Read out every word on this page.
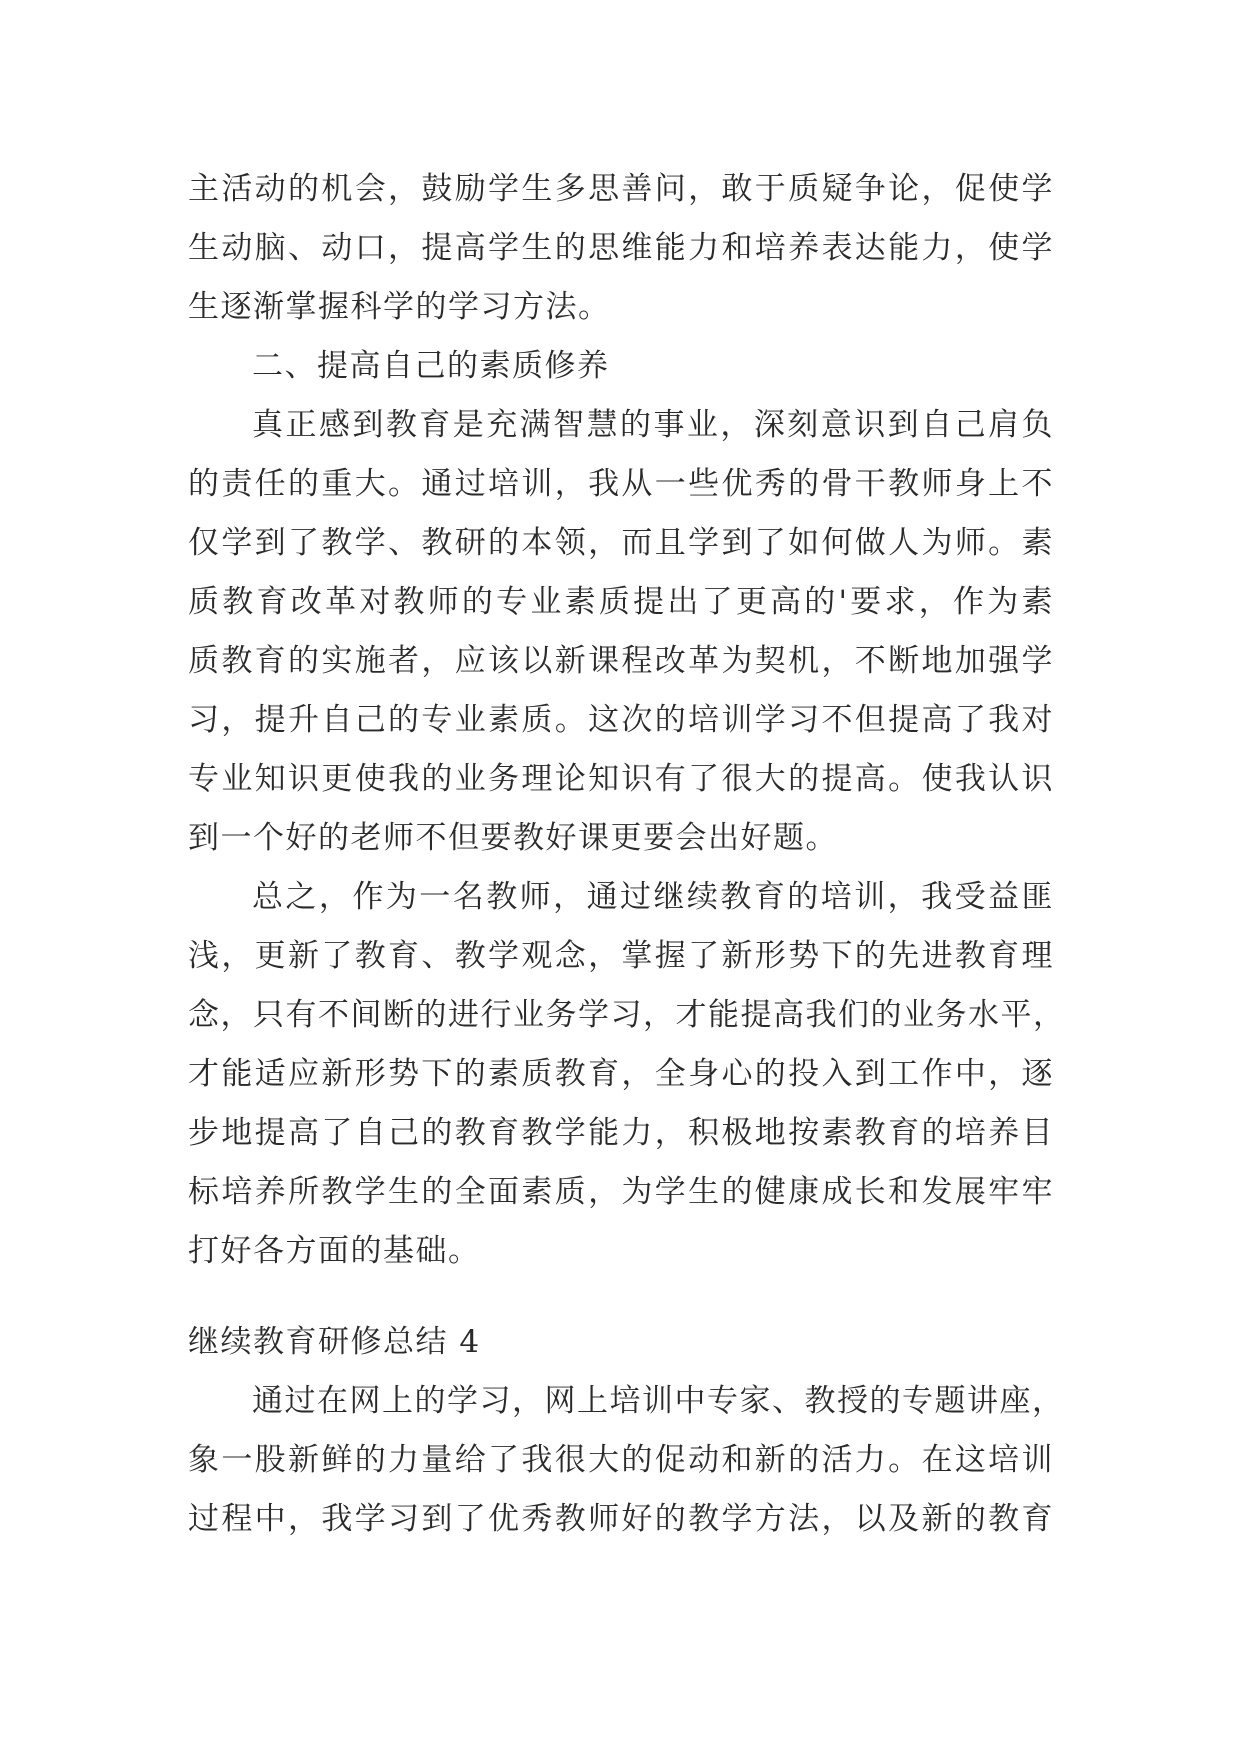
主活动的机会，鼓励学生多思善问，敢于质疑争论，促使学
生动脑、动口，提高学生的思维能力和培养表达能力，使学
生逐渐掌握科学的学习方法。
二、提高自己的素质修养
真正感到教育是充满智慧的事业，深刻意识到自己肩负
的责任的重大。通过培训，我从一些优秀的骨干教师身上不
仅学到了教学、教研的本领，而且学到了如何做人为师。素
质教育改革对教师的专业素质提出了更高的'要求，作为素
质教育的实施者，应该以新课程改革为契机，不断地加强学
习，提升自己的专业素质。这次的培训学习不但提高了我对
专业知识更使我的业务理论知识有了很大的提高。使我认识
到一个好的老师不但要教好课更要会出好题。
总之，作为一名教师，通过继续教育的培训，我受益匪
浅，更新了教育、教学观念，掌握了新形势下的先进教育理
念，只有不间断的进行业务学习，才能提高我们的业务水平，
才能适应新形势下的素质教育，全身心的投入到工作中，逐
步地提高了自己的教育教学能力，积极地按素教育的培养目
标培养所教学生的全面素质，为学生的健康成长和发展牢牢
打好各方面的基础。
继续教育研修总结 4
通过在网上的学习，网上培训中专家、教授的专题讲座，
象一股新鲜的力量给了我很大的促动和新的活力。在这培训
过程中，我学习到了优秀教师好的教学方法，以及新的教育
